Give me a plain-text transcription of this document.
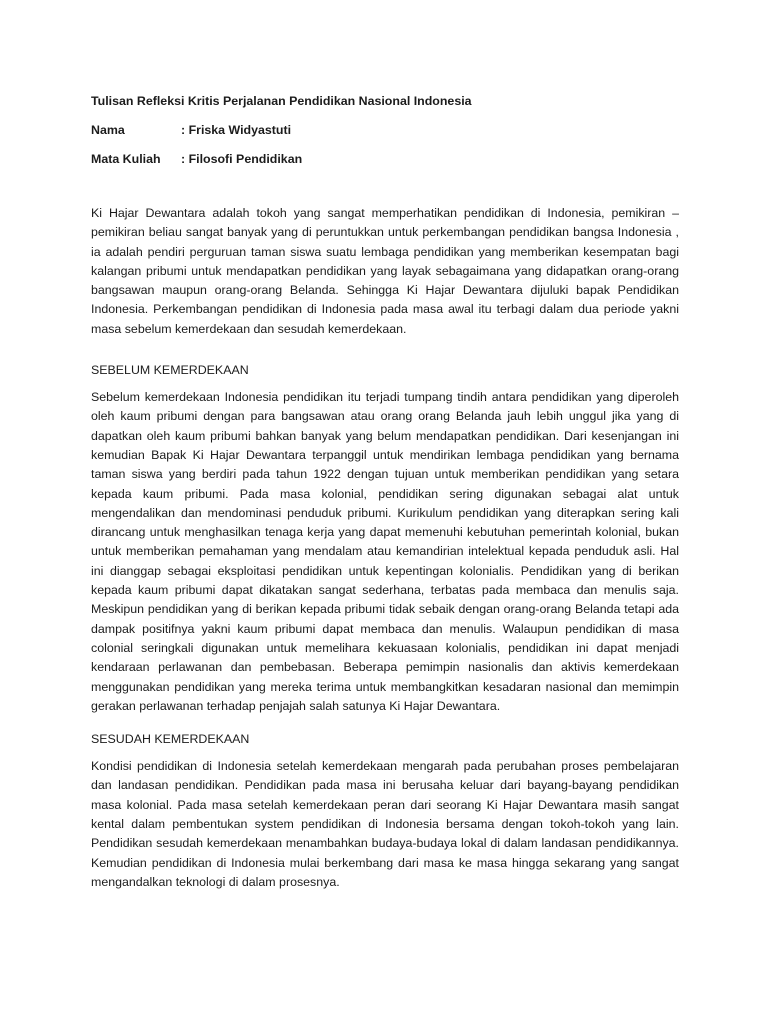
Tulisan Refleksi Kritis Perjalanan Pendidikan Nasional Indonesia

Nama	: Friska Widyastuti
Mata Kuliah	: Filosofi Pendidikan

Ki Hajar Dewantara adalah tokoh yang sangat memperhatikan pendidikan di Indonesia, pemikiran – pemikiran beliau sangat banyak yang di peruntukkan untuk perkembangan pendidikan bangsa Indonesia , ia adalah pendiri perguruan taman siswa suatu lembaga pendidikan yang memberikan kesempatan bagi kalangan pribumi untuk mendapatkan pendidikan yang layak sebagaimana yang didapatkan orang-orang bangsawan maupun orang-orang Belanda. Sehingga Ki Hajar Dewantara dijuluki bapak Pendidikan Indonesia. Perkembangan pendidikan di Indonesia pada masa awal itu terbagi dalam dua periode yakni masa sebelum kemerdekaan dan sesudah kemerdekaan.

SEBELUM KEMERDEKAAN

Sebelum kemerdekaan Indonesia pendidikan itu terjadi tumpang tindih antara pendidikan yang diperoleh oleh kaum pribumi dengan para bangsawan atau orang orang Belanda jauh lebih unggul jika yang di dapatkan oleh kaum pribumi bahkan banyak yang belum mendapatkan pendidikan. Dari kesenjangan ini kemudian Bapak Ki Hajar Dewantara terpanggil untuk mendirikan lembaga pendidikan yang bernama taman siswa yang berdiri pada tahun 1922 dengan tujuan untuk memberikan pendidikan yang setara kepada kaum pribumi. Pada masa kolonial, pendidikan sering digunakan sebagai alat untuk mengendalikan dan mendominasi penduduk pribumi. Kurikulum pendidikan yang diterapkan sering kali dirancang untuk menghasilkan tenaga kerja yang dapat memenuhi kebutuhan pemerintah kolonial, bukan untuk memberikan pemahaman yang mendalam atau kemandirian intelektual kepada penduduk asli. Hal ini dianggap sebagai eksploitasi pendidikan untuk kepentingan kolonialis. Pendidikan yang di berikan kepada kaum pribumi dapat dikatakan sangat sederhana, terbatas pada membaca dan menulis saja. Meskipun pendidikan yang di berikan kepada pribumi tidak sebaik dengan orang-orang Belanda tetapi ada dampak positifnya yakni kaum pribumi dapat membaca dan menulis. Walaupun pendidikan di masa colonial seringkali digunakan untuk memelihara kekuasaan kolonialis, pendidikan ini dapat menjadi kendaraan perlawanan dan pembebasan. Beberapa pemimpin nasionalis dan aktivis kemerdekaan menggunakan pendidikan yang mereka terima untuk membangkitkan kesadaran nasional dan memimpin gerakan perlawanan terhadap penjajah salah satunya Ki Hajar Dewantara.

SESUDAH KEMERDEKAAN

Kondisi pendidikan di Indonesia setelah kemerdekaan mengarah pada perubahan proses pembelajaran dan landasan pendidikan. Pendidikan pada masa ini berusaha keluar dari bayang-bayang pendidikan masa kolonial. Pada masa setelah kemerdekaan peran dari seorang Ki Hajar Dewantara masih sangat kental dalam pembentukan system pendidikan di Indonesia bersama dengan tokoh-tokoh yang lain. Pendidikan sesudah kemerdekaan menambahkan budaya-budaya lokal di dalam landasan pendidikannya. Kemudian pendidikan di Indonesia mulai berkembang dari masa ke masa hingga sekarang yang sangat mengandalkan teknologi di dalam prosesnya.
